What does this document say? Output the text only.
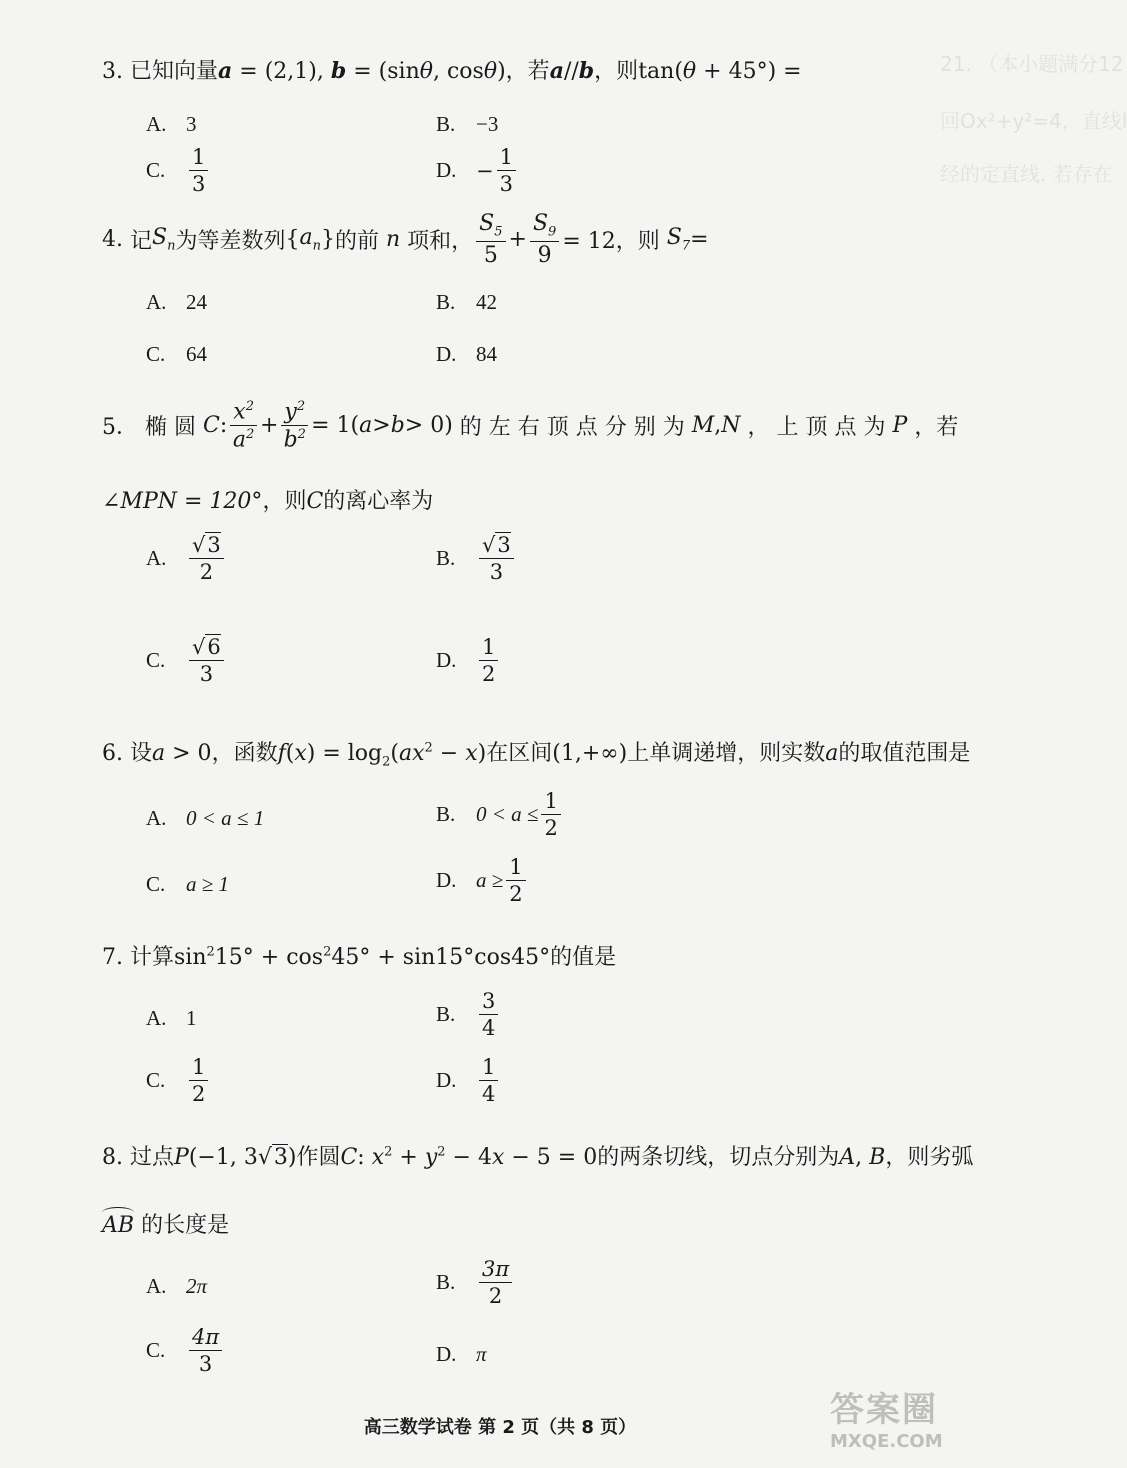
21. （本小题满分12
回Ox²+y²=4，直线l
经的定直线. 若存在
3. 已知向量a = (2,1), b = (sinθ, cosθ)，若a//b，则tan(θ + 45°) =
A. 3	B. −3
C.	$\frac{1}{3}$	D. − $\frac{1}{3}$
4.
记 $S_n$ 为等差数列 { $a_n$ } 的前 n 项和， $\frac{S_5}{5} + \frac{S_9}{9} = 12$，则
$S_7$ =
A. 24	B. 42
C. 64	D. 84
5．
椭 圆
C : $\frac{x^2}{a^2} + \frac{y^2}{b^2} = 1$( a > b > 0) 的 左 右 顶 点 分 别 为
M , N
， 上 顶 点 为
P
，若
∠MPN = 120°，则C的离心率为
A.	$\frac{√3}{2}$	B.	$\frac{√3}{3}$
C.	$\frac{√6}{3}$	D.	$\frac{1}{2}$
6. 设a > 0，函数$f(x) = \log_2(ax^2 - x)$在区间(1,+∞)上单调递增，则实数a的取值范围是
A. 0 < a ≤ 1	B. $0 < a \le \frac{1}{2}$
C. a ≥ 1	D. $a \ge \frac{1}{2}$
7. 计算$\sin^215^\circ + \cos^245^\circ + \sin 15^\circ\cos 45^\circ$的值是
A. 1	B.	$\frac{3}{4}$
C.	$\frac{1}{2}$	D.	$\frac{1}{4}$
8. 过点P(−1, 3√3)作圆C: $x^2 + y^2 - 4x - 5 = 0$的两条切线，切点分别为A, B，则劣弧
AB 的长度是
A. 2π	B.	$\frac{3\pi}{2}$
C.	$\frac{4\pi}{3}$	D. π
高三数学试卷 第 2 页（共 8 页）	答案圈
MXQE.COM
